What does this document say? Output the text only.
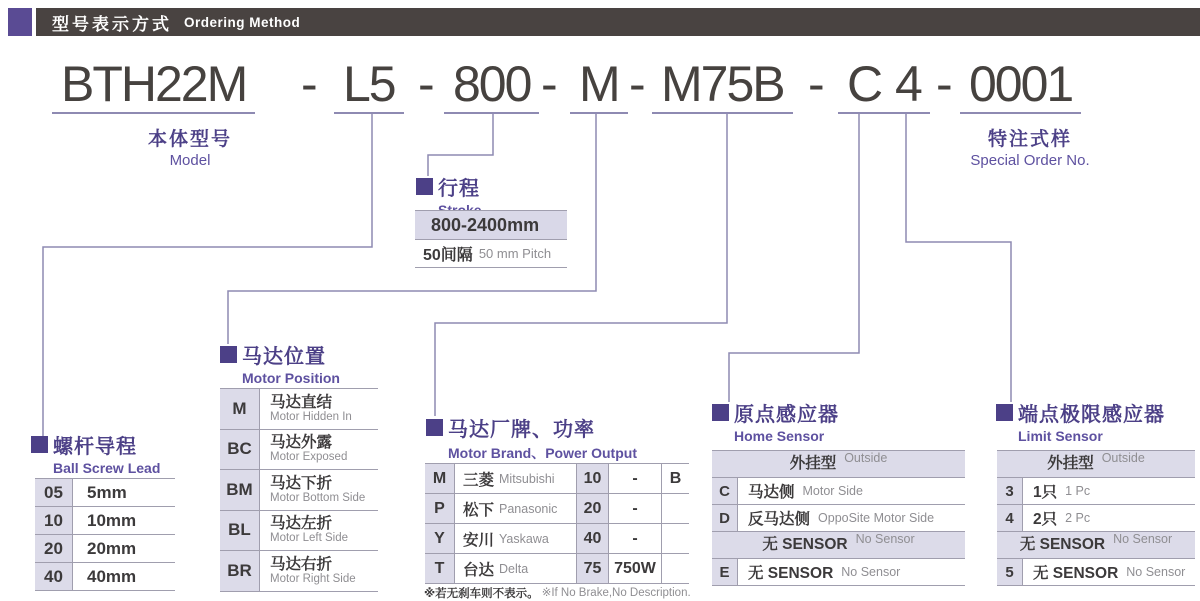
型号表示方式 Ordering Method
BTH22M - L5 - 800 - M - M75B - C 4 - 0001
本体型号
Model
特注式样
Special Order No.
行程
800-2400mm
50间隔 50 mm Pitch
螺杆导程
Ball Screw Lead
05	5mm
10	10mm
20	20mm
40	40mm
马达位置
Motor Position
M	马达直结
Motor Hidden In
BC	马达外露
Motor Exposed
BM	马达下折
Motor Bottom Side
BL	马达左折
Motor Left Side
BR	马达右折
Motor Right Side
马达厂牌、功率
Motor Brand、Power Output
M	三菱 Mitsubishi	10	-	B
P	松下 Panasonic	20	-
Y	安川 Yaskawa	40	-
T	台达 Delta	75 750W
※若无刹车则不表示。 ※If No Brake,No Description.
原点感应器
Home Sensor
外挂型 Outside
C	马达侧 Motor Side
D	反马达侧 OppoSite Motor Side
无 SENSOR No Sensor
E	无 SENSOR No Sensor
端点极限感应器
Limit Sensor
外挂型 Outside
3	1只 1 Pc
4	2只 2 Pc
无 SENSOR No Sensor
5	无 SENSOR No Sensor
